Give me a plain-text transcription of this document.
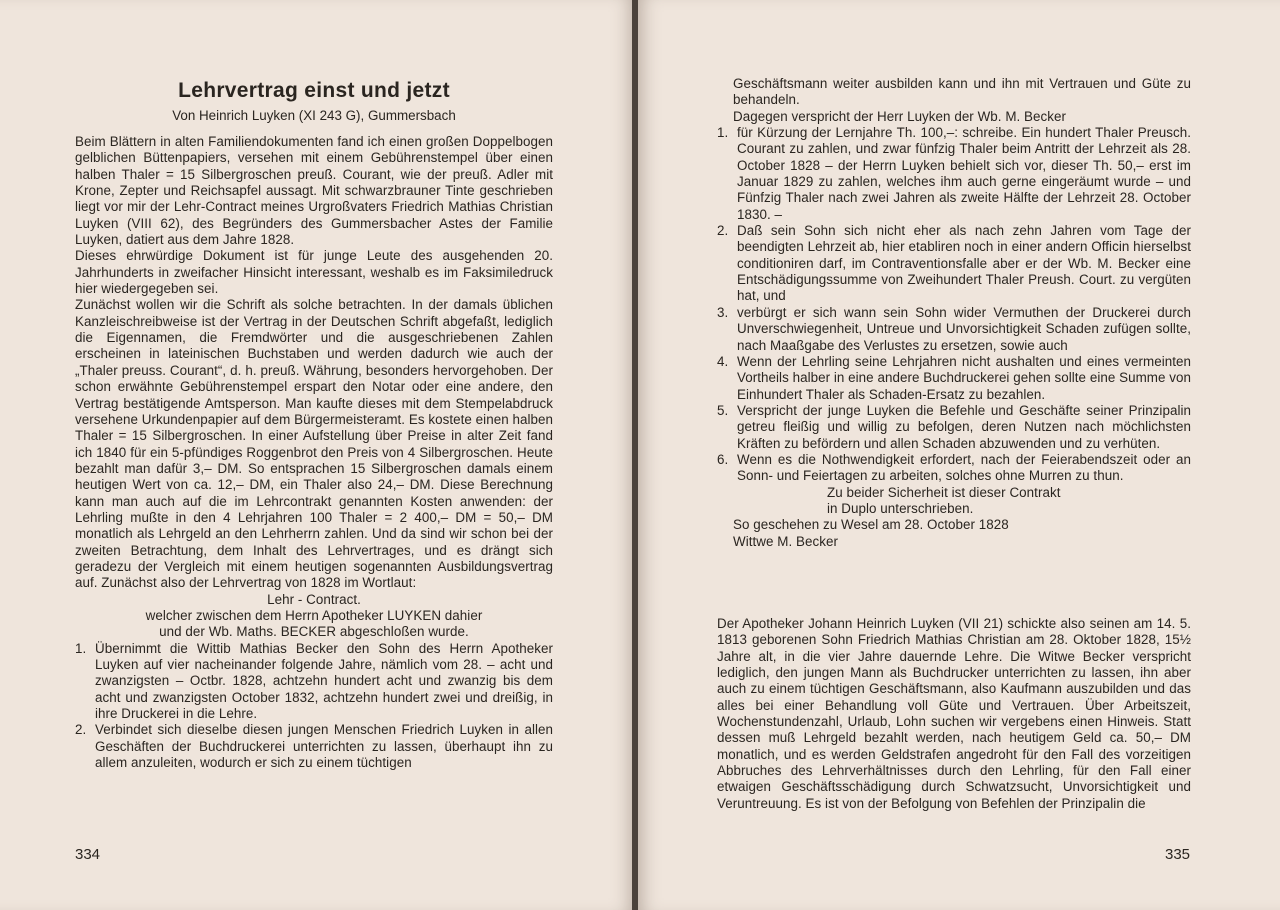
Lehrvertrag einst und jetzt
Von Heinrich Luyken (XI 243 G), Gummersbach

Beim Blättern in alten Familiendokumenten fand ich einen großen Doppelbogen gelblichen Büttenpapiers, versehen mit einem Gebührenstempel über einen halben Thaler = 15 Silbergroschen preuß. Courant, wie der preuß. Adler mit Krone, Zepter und Reichsapfel aussagt. Mit schwarzbrauner Tinte geschrieben liegt vor mir der Lehr-Contract meines Urgroßvaters Friedrich Mathias Christian Luyken (VIII 62), des Begründers des Gummersbacher Astes der Familie Luyken, datiert aus dem Jahre 1828.

Dieses ehrwürdige Dokument ist für junge Leute des ausgehenden 20. Jahrhunderts in zweifacher Hinsicht interessant, weshalb es im Faksimiledruck hier wiedergegeben sei.

Zunächst wollen wir die Schrift als solche betrachten. In der damals üblichen Kanzleischreibweise ist der Vertrag in der Deutschen Schrift abgefaßt, lediglich die Eigennamen, die Fremdwörter und die ausgeschriebenen Zahlen erscheinen in lateinischen Buchstaben und werden dadurch wie auch der „Thaler preuss. Courant“, d. h. preuß. Währung, besonders hervorgehoben. Der schon erwähnte Gebührenstempel erspart den Notar oder eine andere, den Vertrag bestätigende Amtsperson. Man kaufte dieses mit dem Stempelabdruck versehene Urkundenpapier auf dem Bürgermeisteramt. Es kostete einen halben Thaler = 15 Silbergroschen. In einer Aufstellung über Preise in alter Zeit fand ich 1840 für ein 5-pfündiges Roggenbrot den Preis von 4 Silbergroschen. Heute bezahlt man dafür 3,– DM. So entsprachen 15 Silbergroschen damals einem heutigen Wert von ca. 12,– DM, ein Thaler also 24,– DM. Diese Berechnung kann man auch auf die im Lehrcontrakt genannten Kosten anwenden: der Lehrling mußte in den 4 Lehrjahren 100 Thaler = 2 400,– DM = 50,– DM monatlich als Lehrgeld an den Lehrherrn zahlen. Und da sind wir schon bei der zweiten Betrachtung, dem Inhalt des Lehrvertrages, und es drängt sich geradezu der Vergleich mit einem heutigen sogenannten Ausbildungsvertrag auf. Zunächst also der Lehrvertrag von 1828 im Wortlaut:

Lehr - Contract.

welcher zwischen dem Herrn Apotheker LUYKEN dahier

und der Wb. Maths. BECKER abgeschloßen wurde.

1. Übernimmt die Wittib Mathias Becker den Sohn des Herrn Apotheker Luyken auf vier nacheinander folgende Jahre, nämlich vom 28. – acht und zwanzigsten – Octbr. 1828, achtzehn hundert acht und zwanzig bis dem acht und zwanzigsten October 1832, achtzehn hundert zwei und dreißig, in ihre Druckerei in die Lehre.
2. Verbindet sich dieselbe diesen jungen Menschen Friedrich Luyken in allen Geschäften der Buchdruckerei unterrichten zu lassen, überhaupt ihn zu allem anzuleiten, wodurch er sich zu einem tüchtigen
334

Geschäftsmann weiter ausbilden kann und ihn mit Vertrauen und Güte zu behandeln.

Dagegen verspricht der Herr Luyken der Wb. M. Becker

1. für Kürzung der Lernjahre Th. 100,–: schreibe. Ein hundert Thaler Preusch. Courant zu zahlen, und zwar fünfzig Thaler beim Antritt der Lehrzeit als 28. October 1828 – der Herrn Luyken behielt sich vor, dieser Th. 50,– erst im Januar 1829 zu zahlen, welches ihm auch gerne eingeräumt wurde – und Fünfzig Thaler nach zwei Jahren als zweite Hälfte der Lehrzeit 28. October 1830. –
2. Daß sein Sohn sich nicht eher als nach zehn Jahren vom Tage der beendigten Lehrzeit ab, hier etabliren noch in einer andern Officin hierselbst conditioniren darf, im Contraventionsfalle aber er der Wb. M. Becker eine Entschädigungssumme von Zweihundert Thaler Preush. Court. zu vergüten hat, und
3. verbürgt er sich wann sein Sohn wider Vermuthen der Druckerei durch Unverschwiegenheit, Untreue und Unvorsichtigkeit Schaden zufügen sollte, nach Maaßgabe des Verlustes zu ersetzen, sowie auch
4. Wenn der Lehrling seine Lehrjahren nicht aushalten und eines vermeinten Vortheils halber in eine andere Buchdruckerei gehen sollte eine Summe von Einhundert Thaler als Schaden-Ersatz zu bezahlen.
5. Verspricht der junge Luyken die Befehle und Geschäfte seiner Prinzipalin getreu fleißig und willig zu befolgen, deren Nutzen nach möchlichsten Kräften zu befördern und allen Schaden abzuwenden und zu verhüten.
6. Wenn es die Nothwendigkeit erfordert, nach der Feierabendszeit oder an Sonn- und Feiertagen zu arbeiten, solches ohne Murren zu thun.

Zu beider Sicherheit ist dieser Contrakt

in Duplo unterschrieben.

So geschehen zu Wesel am 28. October 1828

Wittwe M. Becker

Der Apotheker Johann Heinrich Luyken (VII 21) schickte also seinen am 14. 5. 1813 geborenen Sohn Friedrich Mathias Christian am 28. Oktober 1828, 15½ Jahre alt, in die vier Jahre dauernde Lehre. Die Witwe Becker verspricht lediglich, den jungen Mann als Buchdrucker unterrichten zu lassen, ihn aber auch zu einem tüchtigen Geschäftsmann, also Kaufmann auszubilden und das alles bei einer Behandlung voll Güte und Vertrauen. Über Arbeitszeit, Wochenstundenzahl, Urlaub, Lohn suchen wir vergebens einen Hinweis. Statt dessen muß Lehrgeld bezahlt werden, nach heutigem Geld ca. 50,– DM monatlich, und es werden Geldstrafen angedroht für den Fall des vorzeitigen Abbruches des Lehrverhältnisses durch den Lehrling, für den Fall einer etwaigen Geschäftsschädigung durch Schwatzsucht, Unvorsichtigkeit und Veruntreuung. Es ist von der Befolgung von Befehlen der Prinzipalin die

335
